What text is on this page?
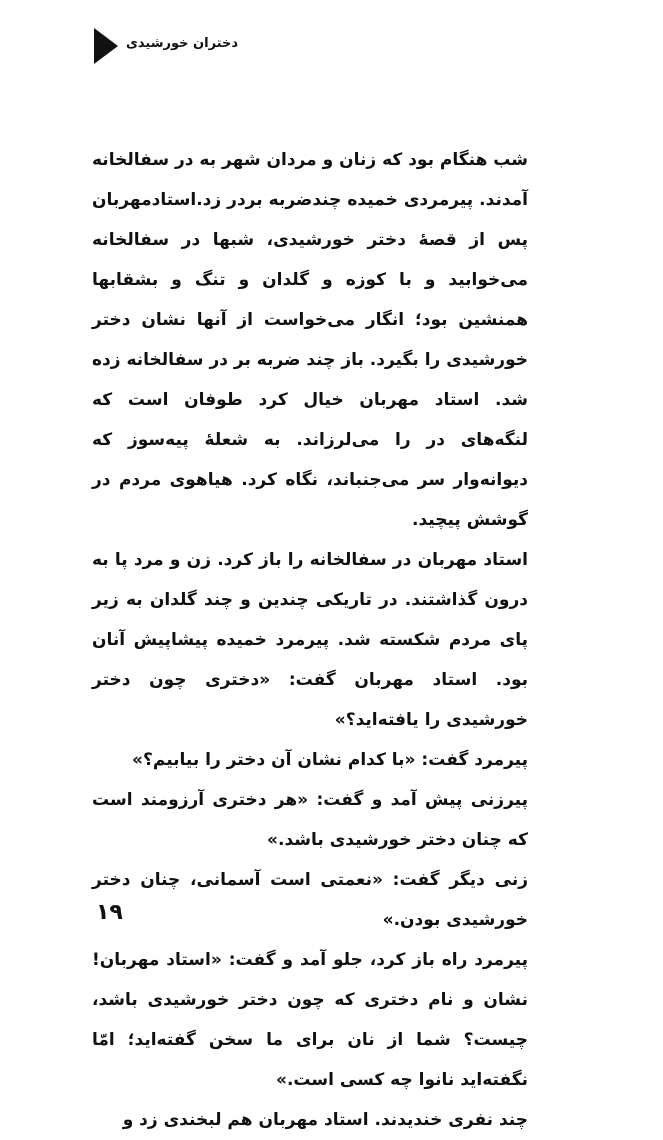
دختران خورشیدی

شب هنگام بود که زنان و مردان شهر به در سفالخانه آمدند. پیرمردی خمیده چندضربه بردر زد.استادمهربان پس از قصهٔ دختر خورشیدی، شبها در سفالخانه می‌خوابید و با کوزه و گلدان و تنگ و بشقابها همنشین بود؛ انگار می‌خواست از آنها نشان دختر خورشیدی را بگیرد. باز چند ضربه بر در سفالخانه زده شد. استاد مهربان خیال کرد طوفان است که لنگه‌های در را می‌لرزاند. به شعلهٔ پیه‌سوز که دیوانه‌وار سر می‌جنباند، نگاه کرد. هیاهوی مردم در گوشش پیچید.

استاد مهربان در سفالخانه را باز کرد. زن و مرد پا به درون گذاشتند. در تاریکی چندین و چند گلدان به زیر پای مردم شکسته شد. پیرمرد خمیده پیشاپیش آنان بود. استاد مهربان گفت: «دختری چون دختر خورشیدی را یافته‌اید؟»

پیرمرد گفت: «با کدام نشان آن دختر را بیابیم؟»

پیرزنی پیش آمد و گفت: «هر دختری آرزومند است که چنان دختر خورشیدی باشد.»

زنی دیگر گفت: «نعمتی است آسمانی، چنان دختر خورشیدی بودن.»

پیرمرد راه باز کرد، جلو آمد و گفت: «استاد مهربان! نشان و نام دختری که چون دختر خورشیدی باشد، چیست؟ شما از نان برای ما سخن گفته‌اید؛ امّا نگفته‌اید نانوا چه کسی است.»

چند نفری خندیدند. استاد مهربان هم لبخندی زد و

۱۹
